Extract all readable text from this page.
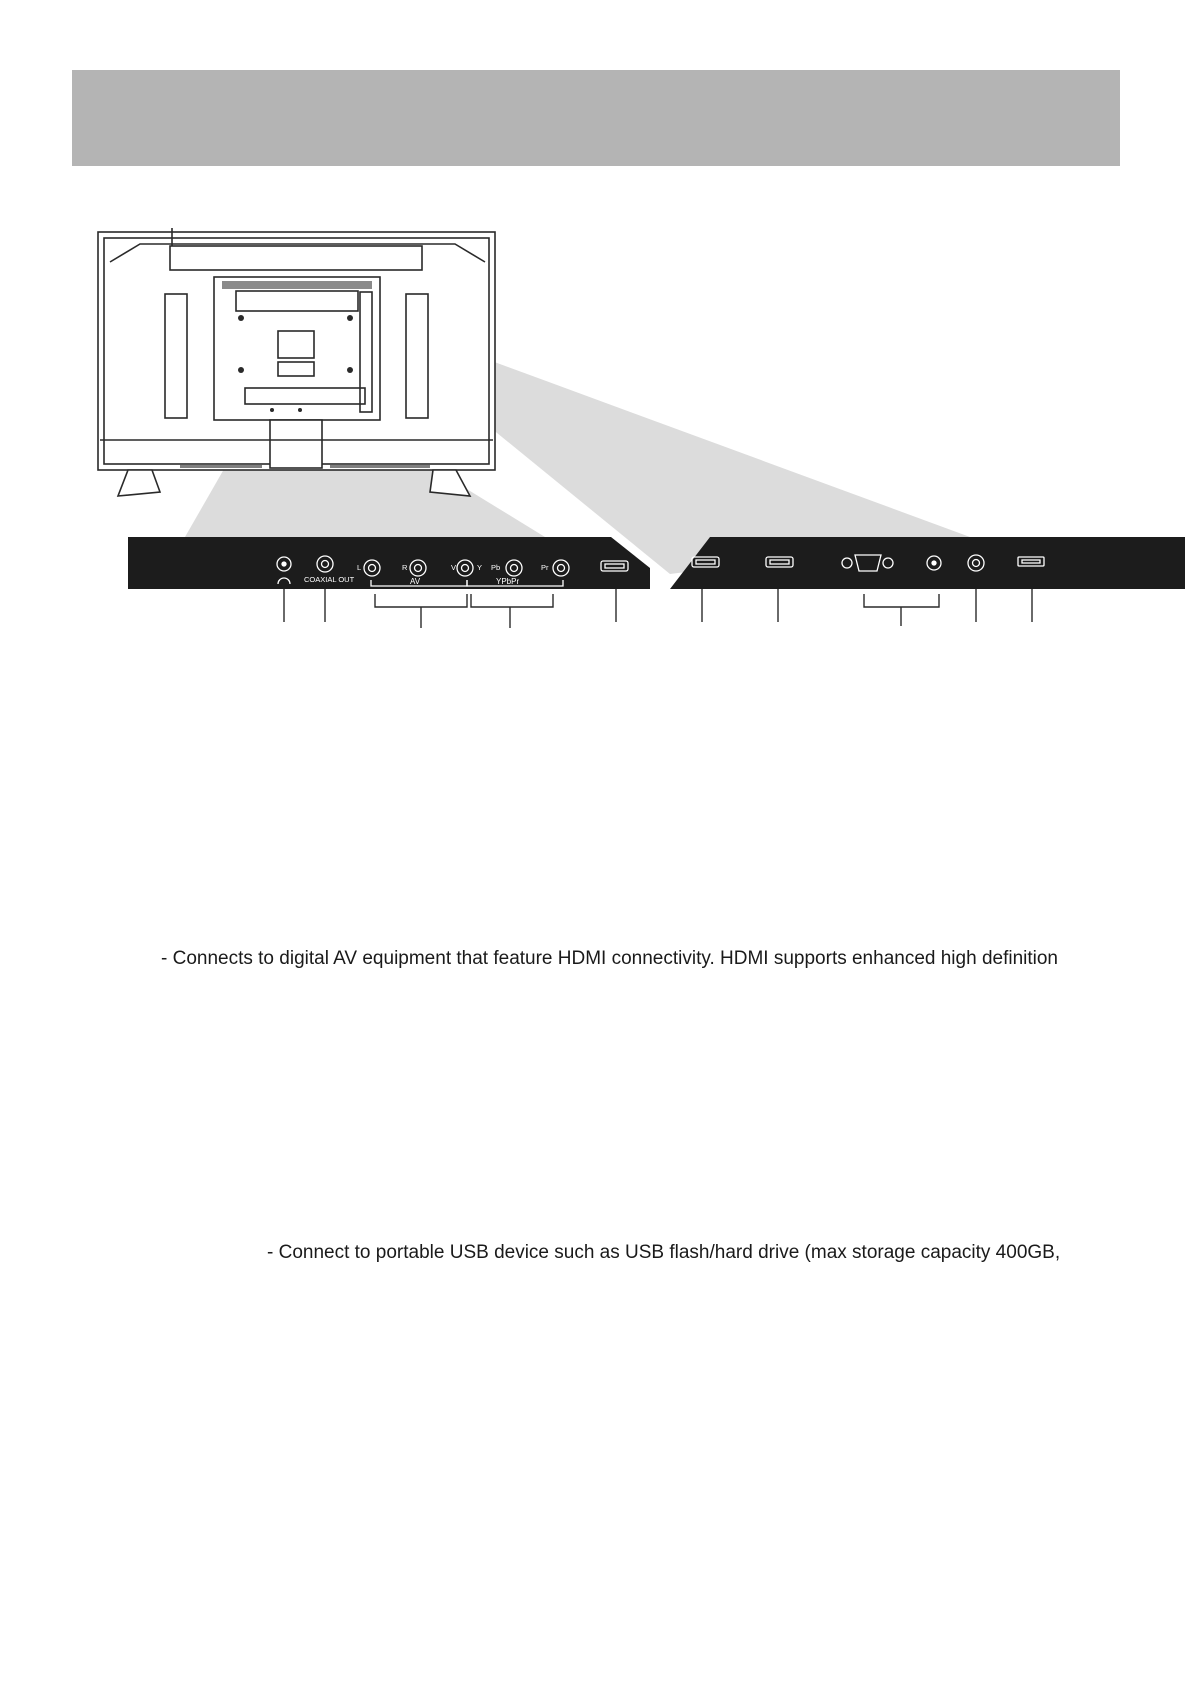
COAXIAL OUT
L	R	V	Y Pb	Pr
AV	YPbPr
- Connects to digital AV equipment that feature HDMI connectivity. HDMI supports enhanced high definition
- Connect to portable USB device such as USB flash/hard drive (max storage capacity 400GB,
